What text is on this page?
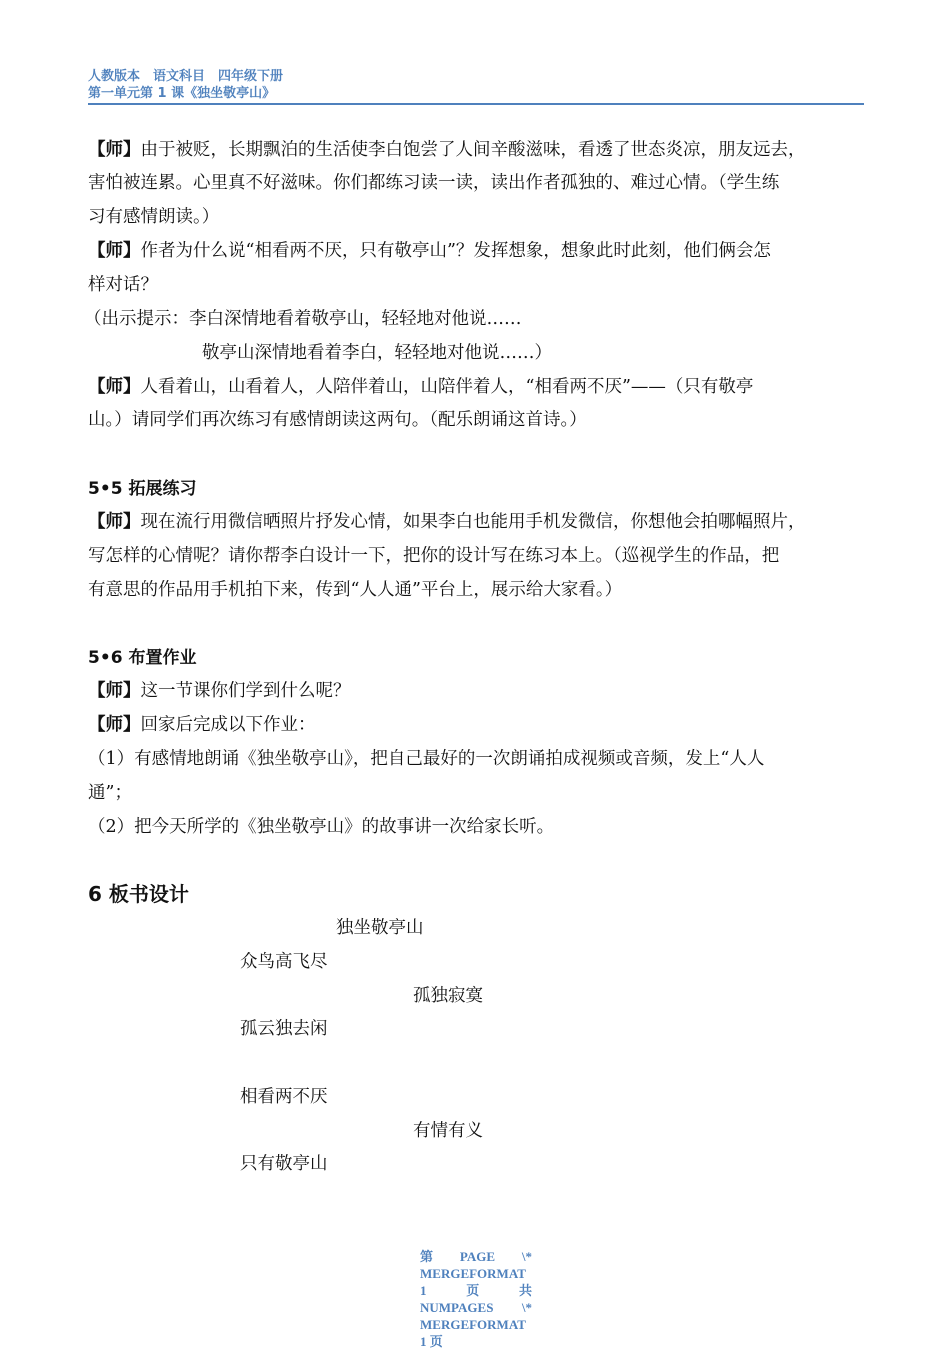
人教版本　语文科目　四年级下册
第一单元第 1 课《独坐敬亭山》
【师】由于被贬，长期飘泊的生活使李白饱尝了人间辛酸滋味，看透了世态炎凉，朋友远去，
害怕被连累。心里真不好滋味。你们都练习读一读，读出作者孤独的、难过心情。（学生练
习有感情朗读。）
【师】作者为什么说“相看两不厌，只有敬亭山”？发挥想象，想象此时此刻，他们俩会怎
样对话？
（出示提示：李白深情地看着敬亭山，轻轻地对他说……
敬亭山深情地看着李白，轻轻地对他说……）
【师】人看着山，山看着人，人陪伴着山，山陪伴着人，“相看两不厌”——（只有敬亭
山。）请同学们再次练习有感情朗读这两句。（配乐朗诵这首诗。）
5•5 拓展练习
【师】现在流行用微信晒照片抒发心情，如果李白也能用手机发微信，你想他会拍哪幅照片，
写怎样的心情呢？请你帮李白设计一下，把你的设计写在练习本上。（巡视学生的作品，把
有意思的作品用手机拍下来，传到“人人通”平台上，展示给大家看。）
5•6 布置作业
【师】这一节课你们学到什么呢？
【师】回家后完成以下作业：
（1）有感情地朗诵《独坐敬亭山》，把自己最好的一次朗诵拍成视频或音频，发上“人人
通”；
（2）把今天所学的《独坐敬亭山》的故事讲一次给家长听。
6 板书设计
独坐敬亭山
众鸟高飞尽
孤独寂寞
孤云独去闲
相看两不厌
有情有义
只有敬亭山
第 PAGE \*
MERGEFORMAT
1	页	共
NUMPAGES \*
MERGEFORMAT
1 页
